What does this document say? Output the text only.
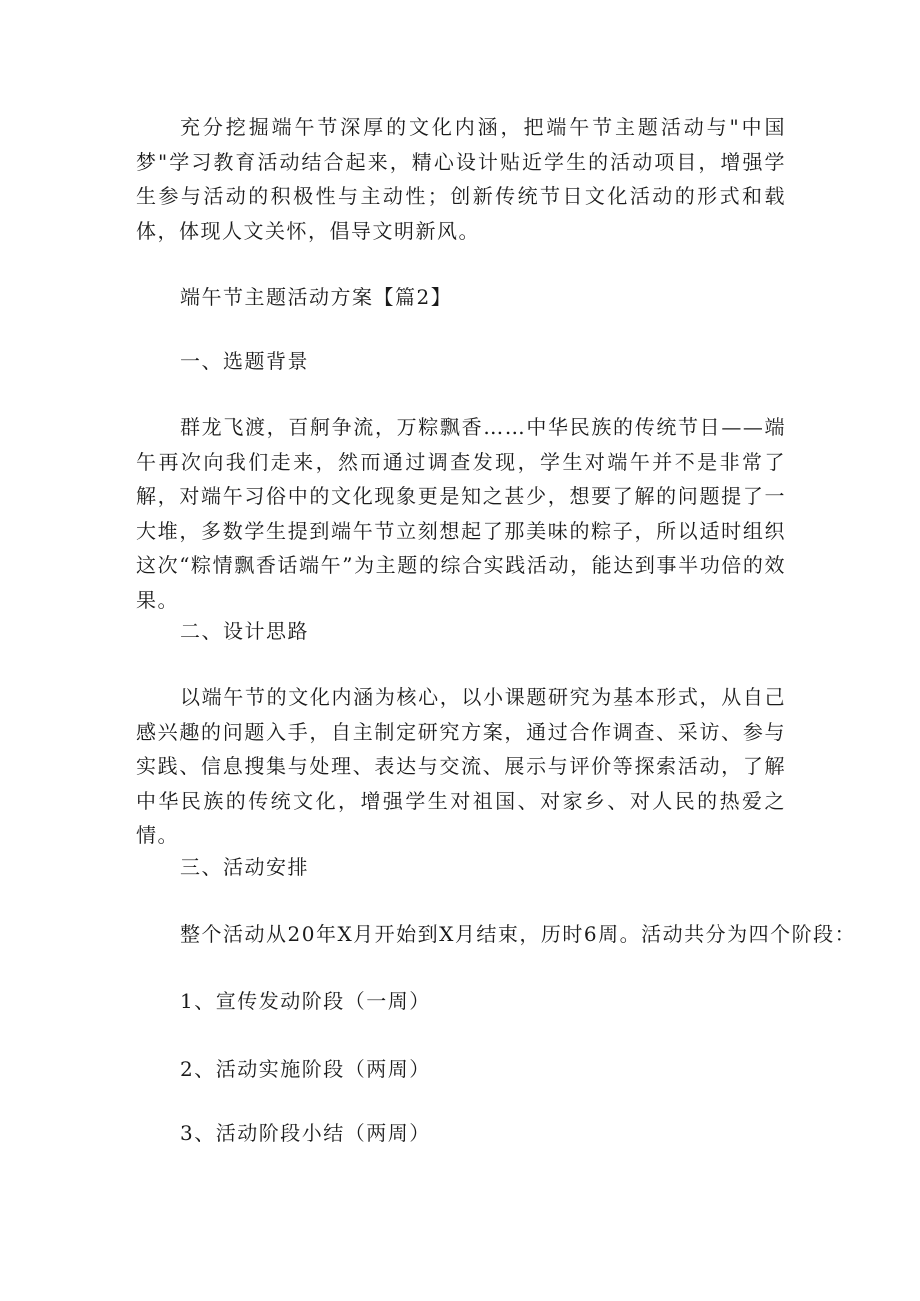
充分挖掘端午节深厚的文化内涵，把端午节主题活动与"中国梦"学习教育活动结合起来，精心设计贴近学生的活动项目，增强学生参与活动的积极性与主动性；创新传统节日文化活动的形式和载体，体现人文关怀，倡导文明新风。

端午节主题活动方案【篇2】

一、选题背景

群龙飞渡，百舸争流，万粽飘香……中华民族的传统节日——端午再次向我们走来，然而通过调查发现，学生对端午并不是非常了解，对端午习俗中的文化现象更是知之甚少，想要了解的问题提了一大堆，多数学生提到端午节立刻想起了那美味的粽子，所以适时组织这次“粽情飘香话端午”为主题的综合实践活动，能达到事半功倍的效果。

二、设计思路

以端午节的文化内涵为核心，以小课题研究为基本形式，从自己感兴趣的问题入手，自主制定研究方案，通过合作调查、采访、参与实践、信息搜集与处理、表达与交流、展示与评价等探索活动，了解中华民族的传统文化，增强学生对祖国、对家乡、对人民的热爱之情。

三、活动安排

整个活动从20年X月开始到X月结束，历时6周。活动共分为四个阶段：

1、宣传发动阶段（一周）

2、活动实施阶段（两周）

3、活动阶段小结（两周）
